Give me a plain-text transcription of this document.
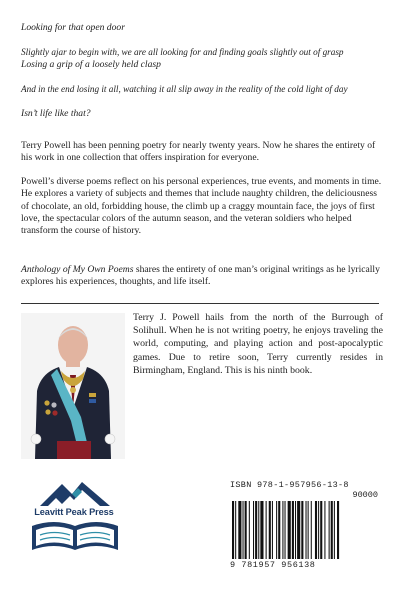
Looking for that open door

Slightly ajar to begin with, we are all looking for and finding goals slightly out of grasp

Losing a grip of a loosely held clasp

And in the end losing it all, watching it all slip away in the reality of the cold light of day

Isn’t life like that?

Terry Powell has been penning poetry for nearly twenty years. Now he shares the entirety of his work in one collection that offers inspiration for everyone.

Powell’s diverse poems reflect on his personal experiences, true events, and moments in time. He explores a variety of subjects and themes that include naughty children, the deliciousness of chocolate, an old, forbidding house, the climb up a craggy mountain face, the joys of first love, the spectacular colors of the autumn season, and the veteran soldiers who helped transform the course of history.

Anthology of My Own Poems shares the entirety of one man’s original writings as he lyrically explores his experiences, thoughts, and life itself.
Terry J. Powell hails from the north of the Burrough of Solihull. When he is not writing poetry, he enjoys traveling the world, computing, and playing action and post-apocalyptic games. Due to retire soon, Terry currently resides in Birmingham, England. This is his ninth book.
Leavitt Peak Press
ISBN 978-1-957956-13-8
90000
9 781957 956138
